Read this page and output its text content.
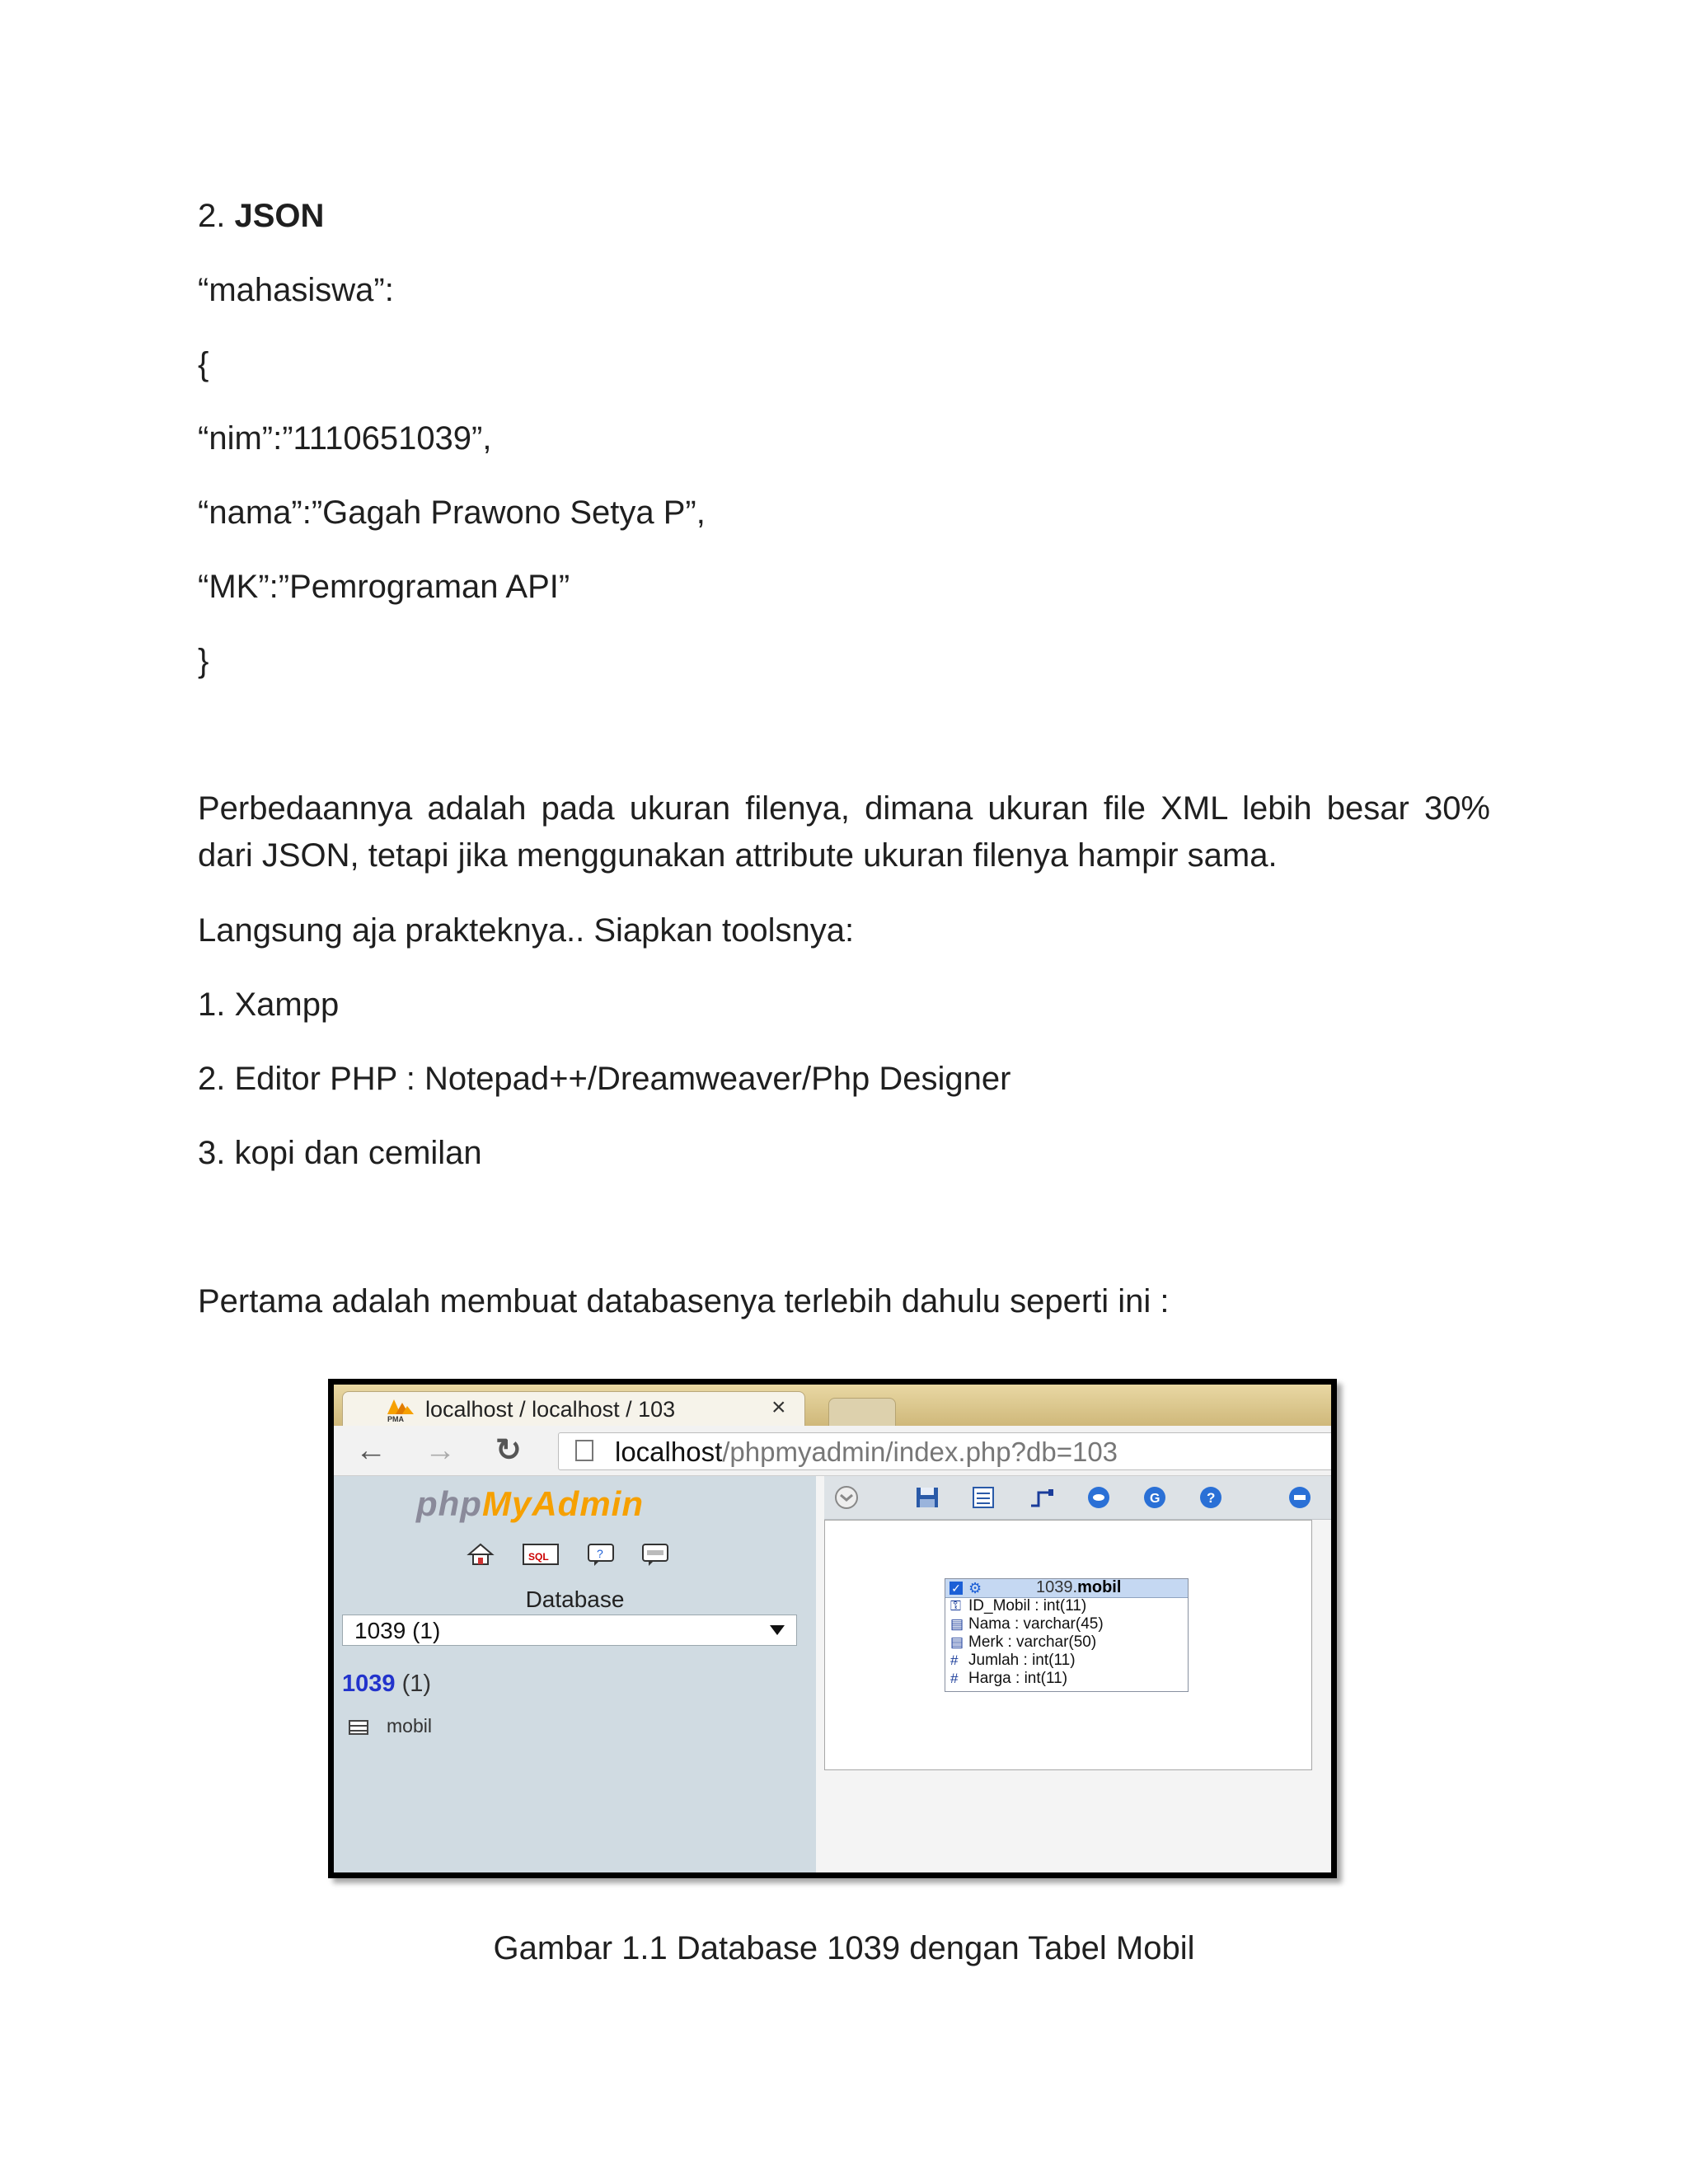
2. JSON
“mahasiswa”:
{
“nim”:”1110651039”,
“nama”:”Gagah Prawono Setya P”,
“MK”:”Pemrograman API”
}
Perbedaannya adalah pada ukuran filenya, dimana ukuran file XML lebih besar 30% dari JSON, tetapi jika menggunakan attribute ukuran filenya hampir sama.
Langsung aja prakteknya.. Siapkan toolsnya:
1. Xampp
2. Editor PHP : Notepad++/Dreamweaver/Php Designer
3. kopi dan cemilan
Pertama adalah membuat databasenya terlebih dahulu seperti ini :
PMA localhost / localhost / 103	×
← → ↻	localhost/phpmyadmin/index.php?db=103
phpMyAdmin
SQL	?
Database
1039 (1)
1039 (1)
mobil
G	?
✓ ⚙	1039.mobil
⚿ ID_Mobil : int(11)
▤ Nama : varchar(45)
▤ Merk : varchar(50)
# Jumlah : int(11)
# Harga : int(11)
Gambar 1.1 Database 1039 dengan Tabel Mobil
